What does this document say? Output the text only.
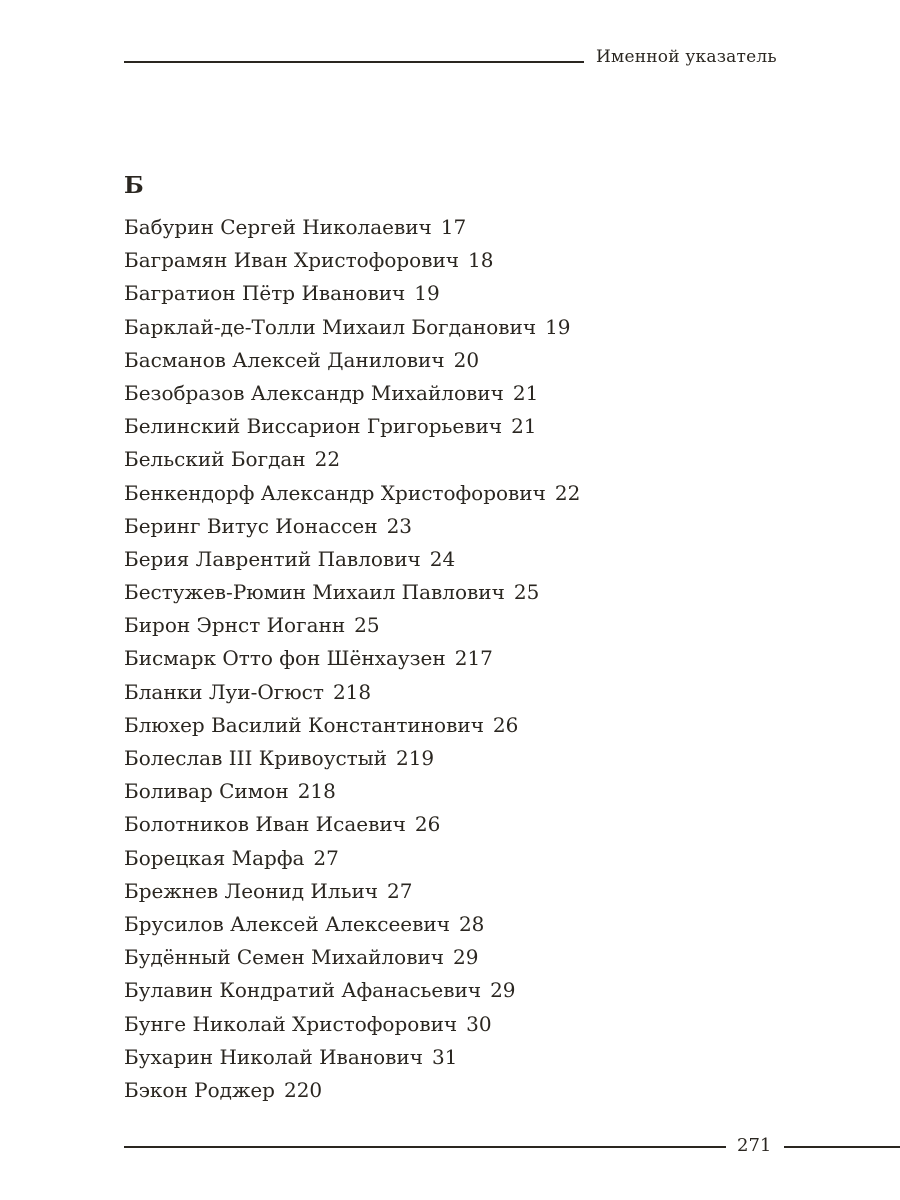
Именной указатель
Б
Бабурин Сергей Николаевич 17
Баграмян Иван Христофорович 18
Багратион Пётр Иванович 19
Барклай-де-Толли Михаил Богданович 19
Басманов Алексей Данилович 20
Безобразов Александр Михайлович 21
Белинский Виссарион Григорьевич 21
Бельский Богдан 22
Бенкендорф Александр Христофорович 22
Беринг Витус Ионассен 23
Берия Лаврентий Павлович 24
Бестужев-Рюмин Михаил Павлович 25
Бирон Эрнст Иоганн 25
Бисмарк Отто фон Шёнхаузен 217
Бланки Луи-Огюст 218
Блюхер Василий Константинович 26
Болеслав III Кривоустый 219
Боливар Симон 218
Болотников Иван Исаевич 26
Борецкая Марфа 27
Брежнев Леонид Ильич 27
Брусилов Алексей Алексеевич 28
Будённый Семен Михайлович 29
Булавин Кондратий Афанасьевич 29
Бунге Николай Христофорович 30
Бухарин Николай Иванович 31
Бэкон Роджер 220
271
